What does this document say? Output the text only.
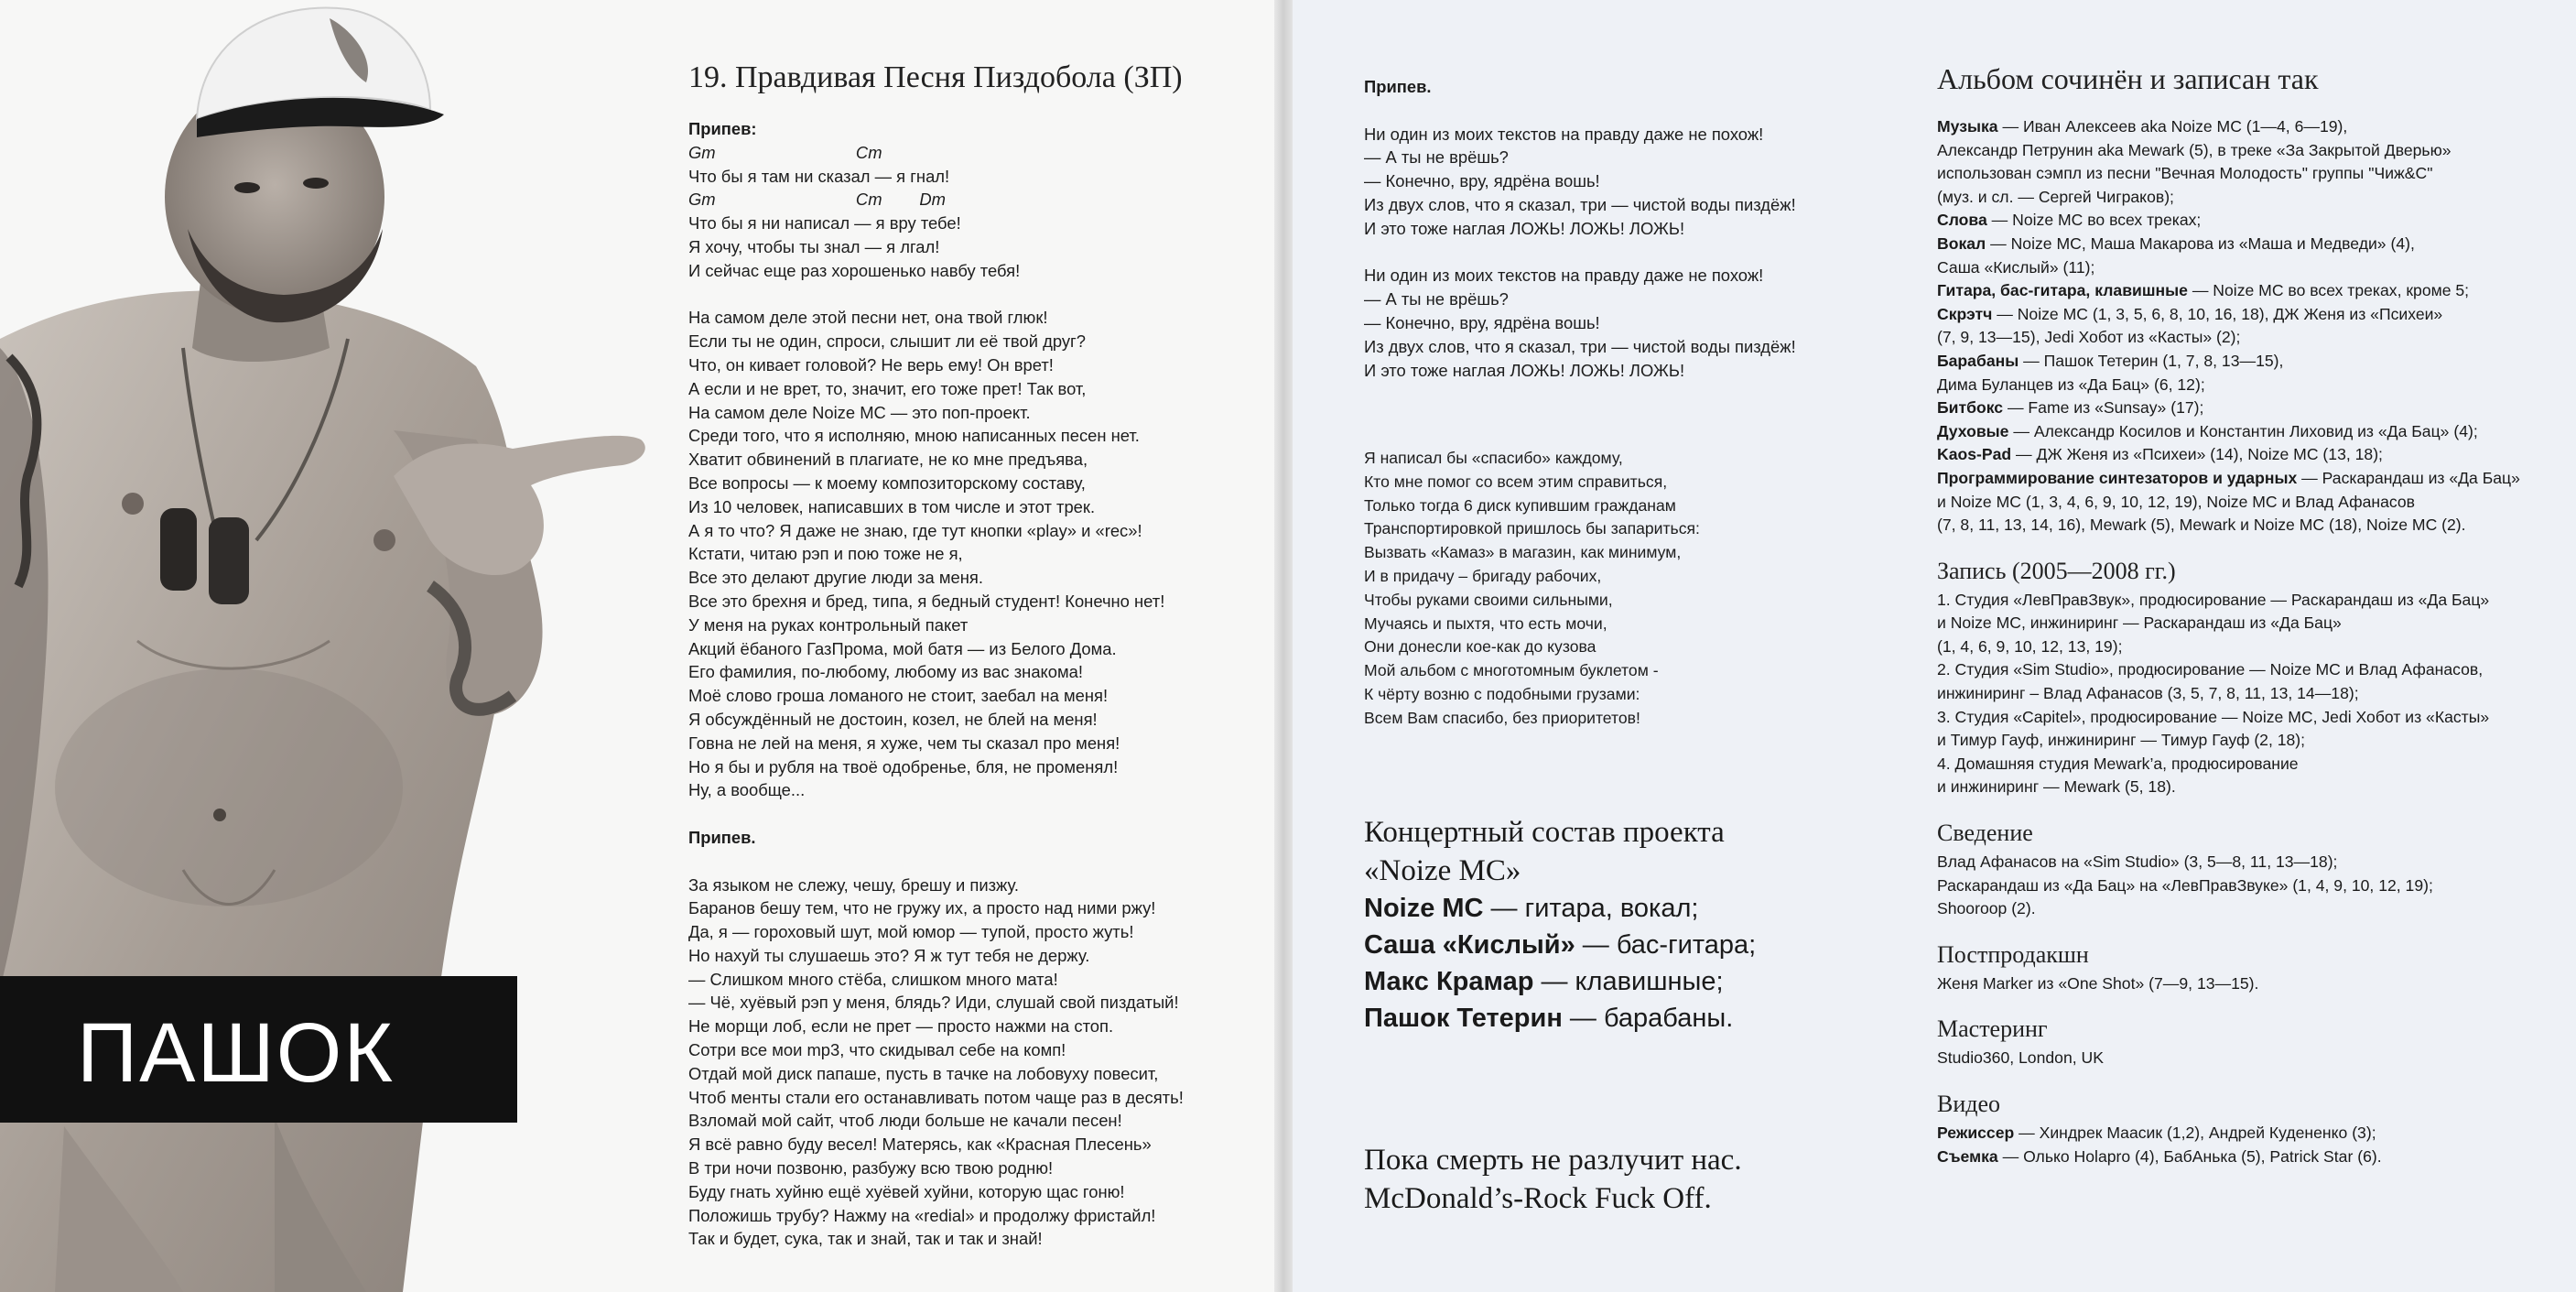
ПАШОК
19. Правдивая Песня Пиздобола (ЗП)
Припев:
Gm                              Cm
Что бы я там ни сказал — я гнал!
Gm                              Cm        Dm
Что бы я ни написал — я вру тебе!
Я хочу, чтобы ты знал — я лгал!
И сейчас еще раз хорошенько навбу тебя!
На самом деле этой песни нет, она твой глюк!
Если ты не один, спроси, слышит ли её твой друг?
Что, он кивает головой? Не верь ему! Он врет!
А если и не врет, то, значит, его тоже прет! Так вот,
На самом деле Noize MC — это поп-проект.
Среди того, что я исполняю, мною написанных песен нет.
Хватит обвинений в плагиате, не ко мне предъява,
Все вопросы — к моему композиторскому составу,
Из 10 человек, написавших в том числе и этот трек.
А я то что? Я даже не знаю, где тут кнопки «play» и «rec»!
Кстати, читаю рэп и пою тоже не я,
Все это делают другие люди за меня.
Все это брехня и бред, типа, я бедный студент! Конечно нет!
У меня на руках контрольный пакет
Акций ёбаного ГазПрома, мой батя — из Белого Дома.
Его фамилия, по-любому, любому из вас знакома!
Моё слово гроша ломаного не стоит, заебал на меня!
Я обсуждённый не достоин, козел, не блей на меня!
Говна не лей на меня, я хуже, чем ты сказал про меня!
Но я бы и рубля на твоё одобренье, бля, не променял!
Ну, а вообще...
Припев.
За языком не слежу, чешу, брешу и пизжу.
Баранов бешу тем, что не гружу их, а просто над ними ржу!
Да, я — гороховый шут, мой юмор — тупой, просто жуть!
Но нахуй ты слушаешь это? Я ж тут тебя не держу.
— Слишком много стёба, слишком много мата!
— Чё, хуёвый рэп у меня, блядь? Иди, слушай свой пиздатый!
Не морщи лоб, если не прет — просто нажми на стоп.
Сотри все мои mp3, что скидывал себе на комп!
Отдай мой диск папаше, пусть в тачке на лобовуху повесит,
Чтоб менты стали его останавливать потом чаще раз в десять!
Взломай мой сайт, чтоб люди больше не качали песен!
Я всё равно буду весел! Матерясь, как «Красная Плесень»
В три ночи позвоню, разбужу всю твою родню!
Буду гнать хуйню ещё хуёвей хуйни, которую щас гоню!
Положишь трубу? Нажму на «redial» и продолжу фристайл!
Так и будет, сука, так и знай, так и так и знай!
Припев.
Ни один из моих текстов на правду даже не похож!
— А ты не врёшь?
— Конечно, вру, ядрёна вошь!
Из двух слов, что я сказал, три — чистой воды пиздёж!
И это тоже наглая ЛОЖЬ! ЛОЖЬ! ЛОЖЬ!
Ни один из моих текстов на правду даже не похож!
— А ты не врёшь?
— Конечно, вру, ядрёна вошь!
Из двух слов, что я сказал, три — чистой воды пиздёж!
И это тоже наглая ЛОЖЬ! ЛОЖЬ! ЛОЖЬ!
Я написал бы «спасибо» каждому,
Кто мне помог со всем этим справиться,
Только тогда 6 диск купившим гражданам
Транспортировкой пришлось бы запариться:
Вызвать «Камаз» в магазин, как минимум,
И в придачу – бригаду рабочих,
Чтобы руками своими сильными,
Мучаясь и пыхтя, что есть мочи,
Они донесли кое-как до кузова
Мой альбом с многотомным буклетом -
К чёрту возню с подобными грузами:
Всем Вам спасибо, без приоритетов!
Концертный состав проекта
«Noize MC»
Noize MC — гитара, вокал;
Саша «Кислый» — бас-гитара;
Макс Крамар — клавишные;
Пашок Тетерин — барабаны.
Пока смерть не разлучит нас.
McDonald’s-Rock Fuck Off.
Альбом сочинён и записан так
Музыка — Иван Алексеев aka Noize MC (1—4, 6—19),
Александр Петрунин aka Mewark (5), в треке «За Закрытой Дверью»
использован сэмпл из песни "Вечная Молодость" группы "Чиж&С"
(муз. и сл. — Сергей Чиграков);
Слова — Noize MC во всех треках;
Вокал — Noize MC, Маша Макарова из «Маша и Медведи» (4),
Саша «Кислый» (11);
Гитара, бас-гитара, клавишные — Noize MC во всех треках, кроме 5;
Скрэтч — Noize MC (1, 3, 5, 6, 8, 10, 16, 18), ДЖ Женя из «Психеи»
(7, 9, 13—15), Jedi Хобот из «Касты» (2);
Барабаны — Пашок Тетерин (1, 7, 8, 13—15),
Дима Буланцев из «Да Бац» (6, 12);
Битбокс — Fame из «Sunsay» (17);
Духовые — Александр Косилов и Константин Лиховид из «Да Бац» (4);
Kaos-Pad — ДЖ Женя из «Психеи» (14), Noize MC (13, 18);
Программирование синтезаторов и ударных — Раскарандаш из «Да Бац»
и Noize MC (1, 3, 4, 6, 9, 10, 12, 19), Noize MC и Влад Афанасов
(7, 8, 11, 13, 14, 16), Mewark (5), Mewark и Noize MC (18), Noize MC (2).
Запись (2005—2008 гг.)
1. Студия «ЛевПравЗвук», продюсирование — Раскарандаш из «Да Бац»
и Noize MC, инжиниринг — Раскарандаш из «Да Бац»
(1, 4, 6, 9, 10, 12, 13, 19);
2. Студия «Sim Studio», продюсирование — Noize MC и Влад Афанасов,
инжиниринг – Влад Афанасов (3, 5, 7, 8, 11, 13, 14—18);
3. Студия «Capitel», продюсирование — Noize MC, Jedi Хобот из «Касты»
и Тимур Гауф, инжиниринг — Тимур Гауф (2, 18);
4. Домашняя студия Mewark’a, продюсирование
и инжиниринг — Mewark (5, 18).
Сведение
Влад Афанасов на «Sim Studio» (3, 5—8, 11, 13—18);
Раскарандаш из «Да Бац» на «ЛевПравЗвуке» (1, 4, 9, 10, 12, 19);
Shooroop (2).
Постпродакшн
Женя Marker из «One Shot» (7—9, 13—15).
Мастеринг
Studio360, London, UK
Видео
Режиссер — Хиндрек Маасик (1,2), Андрей Кудененко (3);
Съемка — Олько Holapro (4), БабАнька (5), Patrick Star (6).
